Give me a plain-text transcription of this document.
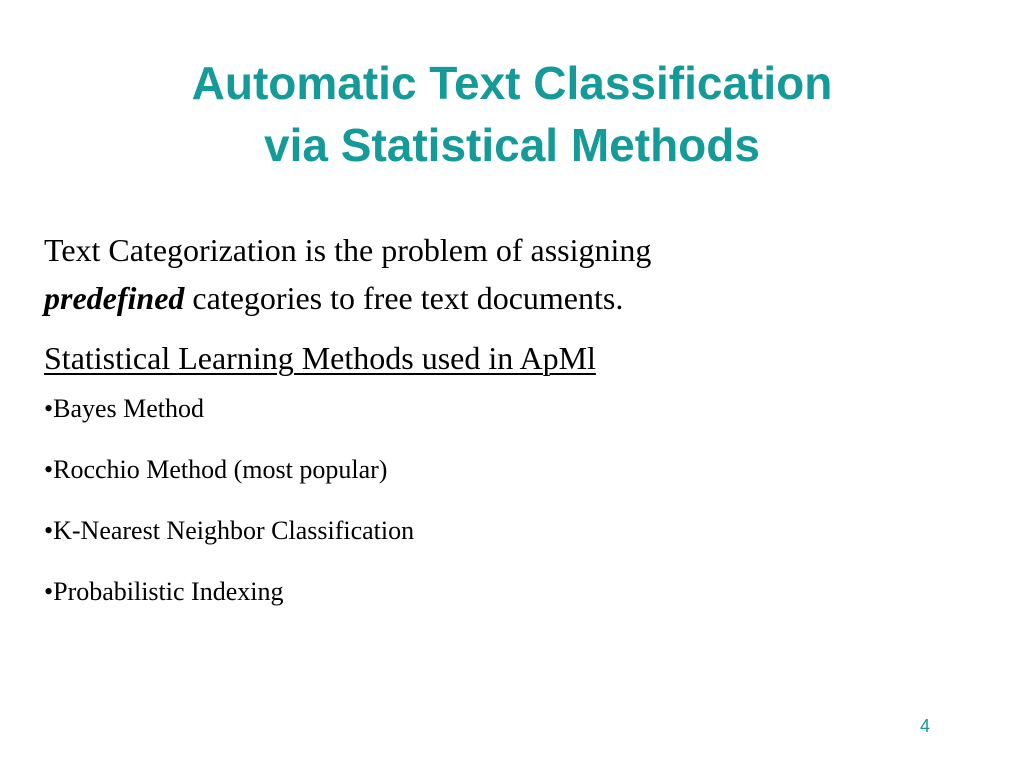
Automatic Text Classification
via Statistical Methods

Text Categorization is the problem of assigning
predefined categories to free text documents.

Statistical Learning Methods used in ApMl

•Bayes Method
•Rocchio Method (most popular)
•K-Nearest Neighbor Classification
•Probabilistic Indexing
4
